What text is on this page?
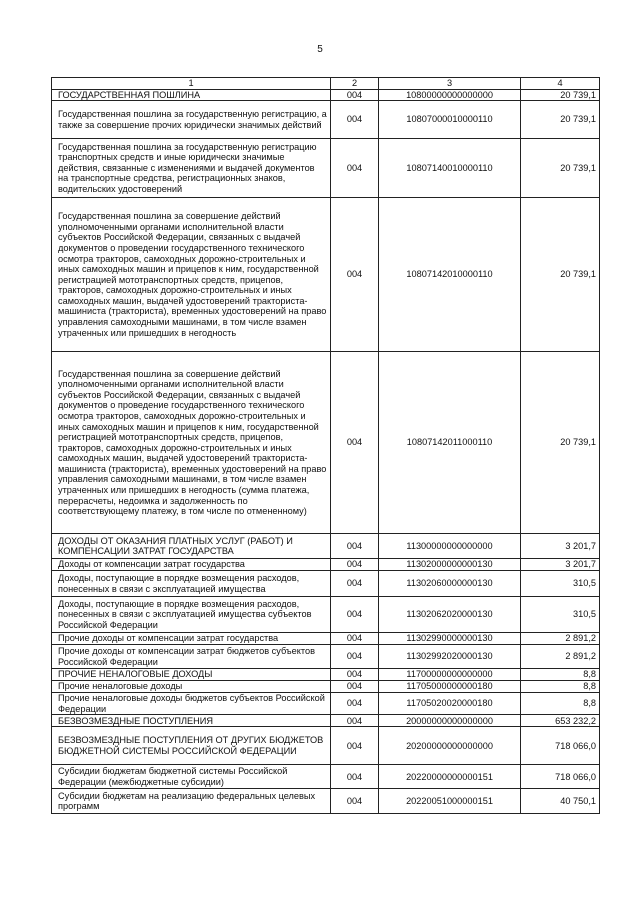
5
1	2	3	4
ГОСУДАРСТВЕННАЯ ПОШЛИНА	004	10800000000000000	20 739,1
Государственная пошлина за государственную регистрацию, а также за совершение прочих юридически значимых действий	004	10807000010000110	20 739,1
Государственная пошлина за государственную регистрацию транспортных средств и иные юридически значимые действия, связанные с изменениями и выдачей документов на транспортные средства, регистрационных знаков, водительских удостоверений	004	10807140010000110	20 739,1
Государственная пошлина за совершение действий уполномоченными органами исполнительной власти субъектов Российской Федерации, связанных с выдачей документов о проведении государственного технического осмотра тракторов, самоходных дорожно-строительных и иных самоходных машин и прицепов к ним, государственной регистрацией мототранспортных средств, прицепов, тракторов, самоходных дорожно-строительных и иных самоходных машин, выдачей удостоверений тракториста-машиниста (тракториста), временных удостоверений на право управления самоходными машинами, в том числе взамен утраченных или пришедших в негодность	004	10807142010000110	20 739,1
Государственная пошлина за совершение действий уполномоченными органами исполнительной власти субъектов Российской Федерации, связанных с выдачей документов о проведение государственного технического осмотра тракторов, самоходных дорожно-строительных и иных самоходных машин и прицепов к ним, государственной регистрацией мототранспортных средств, прицепов, тракторов, самоходных дорожно-строительных и иных самоходных машин, выдачей удостоверений тракториста-машиниста (тракториста), временных удостоверений на право управления самоходными машинами, в том числе взамен утраченных или пришедших в негодность (сумма платежа, перерасчеты, недоимка и задолженность по соответствующему платежу, в том числе по отмененному)	004	10807142011000110	20 739,1
ДОХОДЫ ОТ ОКАЗАНИЯ ПЛАТНЫХ УСЛУГ (РАБОТ) И КОМПЕНСАЦИИ ЗАТРАТ ГОСУДАРСТВА	004	11300000000000000	3 201,7
Доходы от компенсации затрат государства	004	11302000000000130	3 201,7
Доходы, поступающие в порядке возмещения расходов, понесенных в связи с эксплуатацией имущества	004	11302060000000130	310,5
Доходы, поступающие в порядке возмещения расходов, понесенных в связи с эксплуатацией имущества субъектов Российской Федерации	004	11302062020000130	310,5
Прочие доходы от компенсации затрат государства	004	11302990000000130	2 891,2
Прочие доходы от компенсации затрат бюджетов субъектов Российской Федерации	004	11302992020000130	2 891,2
ПРОЧИЕ НЕНАЛОГОВЫЕ ДОХОДЫ	004	11700000000000000	8,8
Прочие неналоговые доходы	004	11705000000000180	8,8
Прочие неналоговые доходы бюджетов субъектов Российской Федерации	004	11705020020000180	8,8
БЕЗВОЗМЕЗДНЫЕ ПОСТУПЛЕНИЯ	004	20000000000000000	653 232,2
БЕЗВОЗМЕЗДНЫЕ ПОСТУПЛЕНИЯ ОТ ДРУГИХ БЮДЖЕТОВ БЮДЖЕТНОЙ СИСТЕМЫ РОССИЙСКОЙ ФЕДЕРАЦИИ	004	20200000000000000	718 066,0
Субсидии бюджетам бюджетной системы Российской Федерации (межбюджетные субсидии)	004	20220000000000151	718 066,0
Субсидии бюджетам на реализацию федеральных целевых программ	004	20220051000000151	40 750,1
